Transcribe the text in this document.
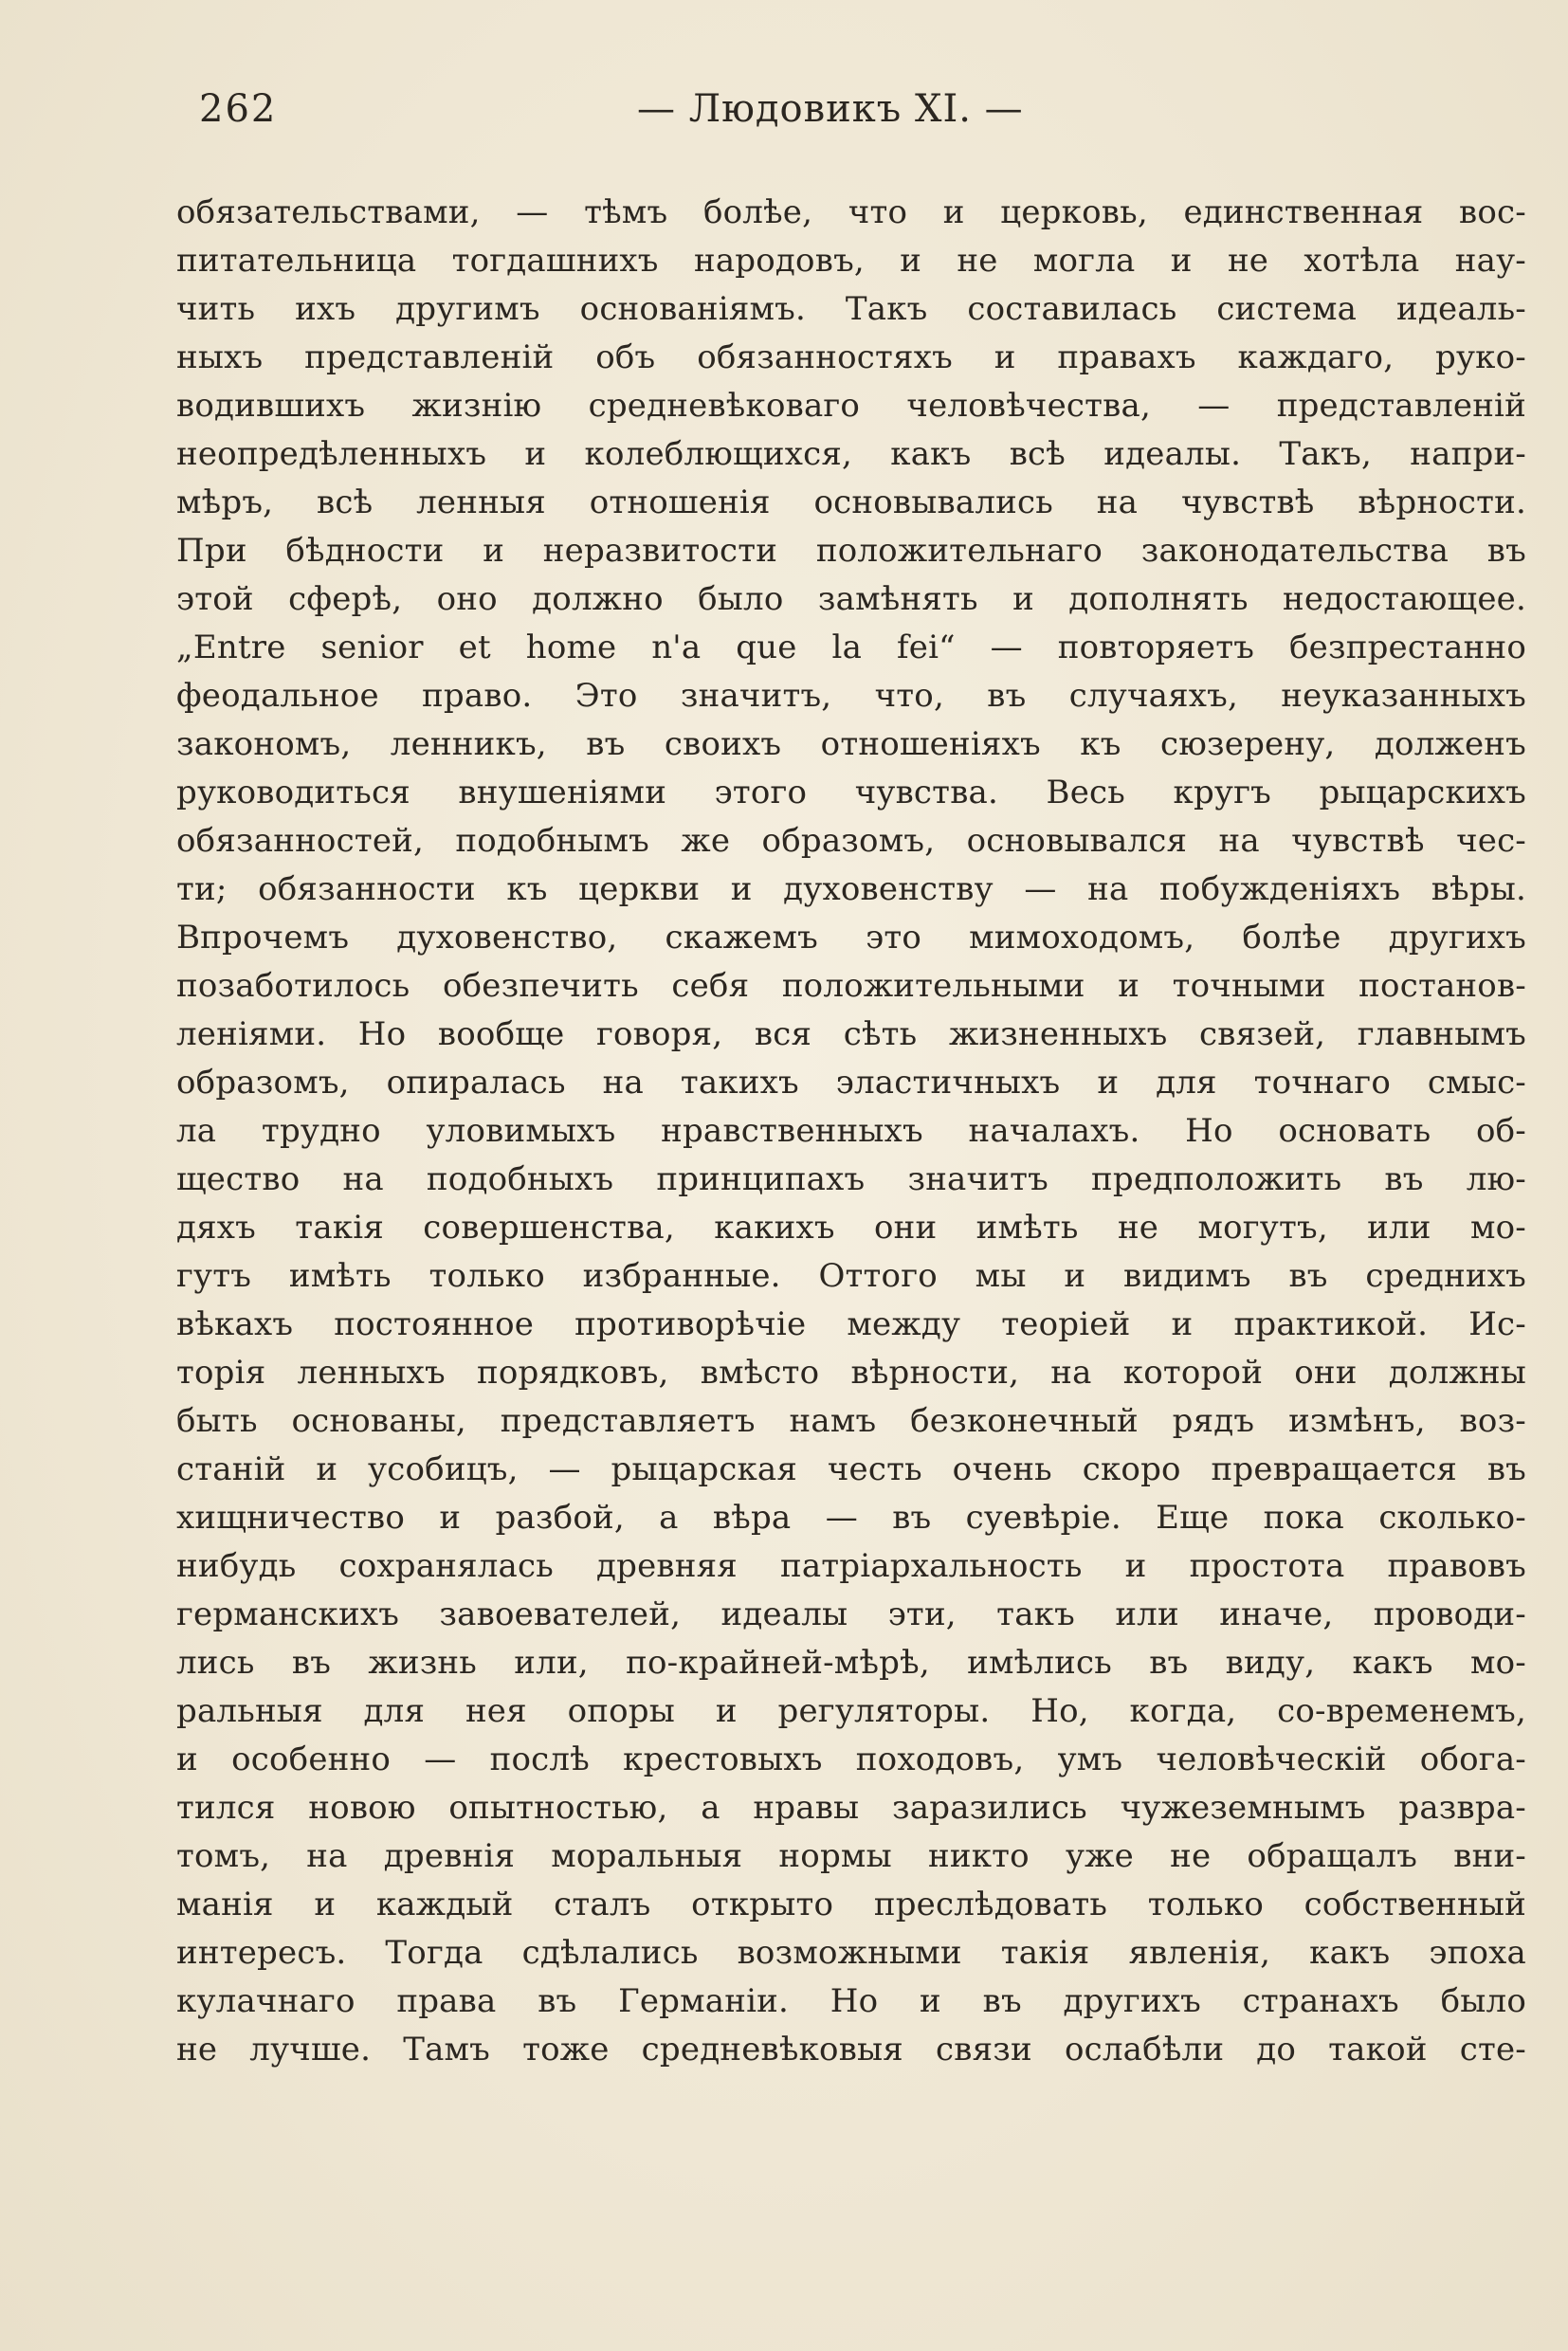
262	— Людовикъ XI. —
обязательствами, — тѣмъ болѣе, что и церковь, единственная вос-
питательница тогдашнихъ народовъ, и не могла и не хотѣла нау-
чить ихъ другимъ основаніямъ. Такъ составилась система идеаль-
ныхъ представленій объ обязанностяхъ и правахъ каждаго, руко-
водившихъ жизнію средневѣковаго человѣчества, — представленій
неопредѣленныхъ и колеблющихся, какъ всѣ идеалы. Такъ, напри-
мѣръ, всѣ ленныя отношенія основывались на чувствѣ вѣрности.
При бѣдности и неразвитости положительнаго законодательства въ
этой сферѣ, оно должно было замѣнять и дополнять недостающее.
„Entre senior et home n'a que la fei“ — повторяетъ безпрестанно
феодальное право. Это значитъ, что, въ случаяхъ, неуказанныхъ
закономъ, ленникъ, въ своихъ отношеніяхъ къ сюзерену, долженъ
руководиться внушеніями этого чувства. Весь кругъ рыцарскихъ
обязанностей, подобнымъ же образомъ, основывался на чувствѣ чес-
ти; обязанности къ церкви и духовенству — на побужденіяхъ вѣры.
Впрочемъ духовенство, скажемъ это мимоходомъ, болѣе другихъ
позаботилось обезпечить себя положительными и точными постанов-
леніями. Но вообще говоря, вся сѣть жизненныхъ связей, главнымъ
образомъ, опиралась на такихъ эластичныхъ и для точнаго смыс-
ла трудно уловимыхъ нравственныхъ началахъ. Но основать об-
щество на подобныхъ принципахъ значитъ предположить въ лю-
дяхъ такія совершенства, какихъ они имѣть не могутъ, или мо-
гутъ имѣть только избранные. Оттого мы и видимъ въ среднихъ
вѣкахъ постоянное противорѣчіе между теоріей и практикой. Ис-
торія ленныхъ порядковъ, вмѣсто вѣрности, на которой они должны
быть основаны, представляетъ намъ безконечный рядъ измѣнъ, воз-
станій и усобицъ, — рыцарская честь очень скоро превращается въ
хищничество и разбой, а вѣра — въ суевѣріе. Еще пока сколько-
нибудь сохранялась древняя патріархальность и простота правовъ
германскихъ завоевателей, идеалы эти, такъ или иначе, проводи-
лись въ жизнь или, по-крайней-мѣрѣ, имѣлись въ виду, какъ мо-
ральныя для нея опоры и регуляторы. Но, когда, со-временемъ,
и особенно — послѣ крестовыхъ походовъ, умъ человѣческій обога-
тился новою опытностью, а нравы заразились чужеземнымъ развра-
томъ, на древнія моральныя нормы никто уже не обращалъ вни-
манія и каждый сталъ открыто преслѣдовать только собственный
интересъ. Тогда сдѣлались возможными такія явленія, какъ эпоха
кулачнаго права въ Германіи. Но и въ другихъ странахъ было
не лучше. Тамъ тоже средневѣковыя связи ослабѣли до такой сте-
